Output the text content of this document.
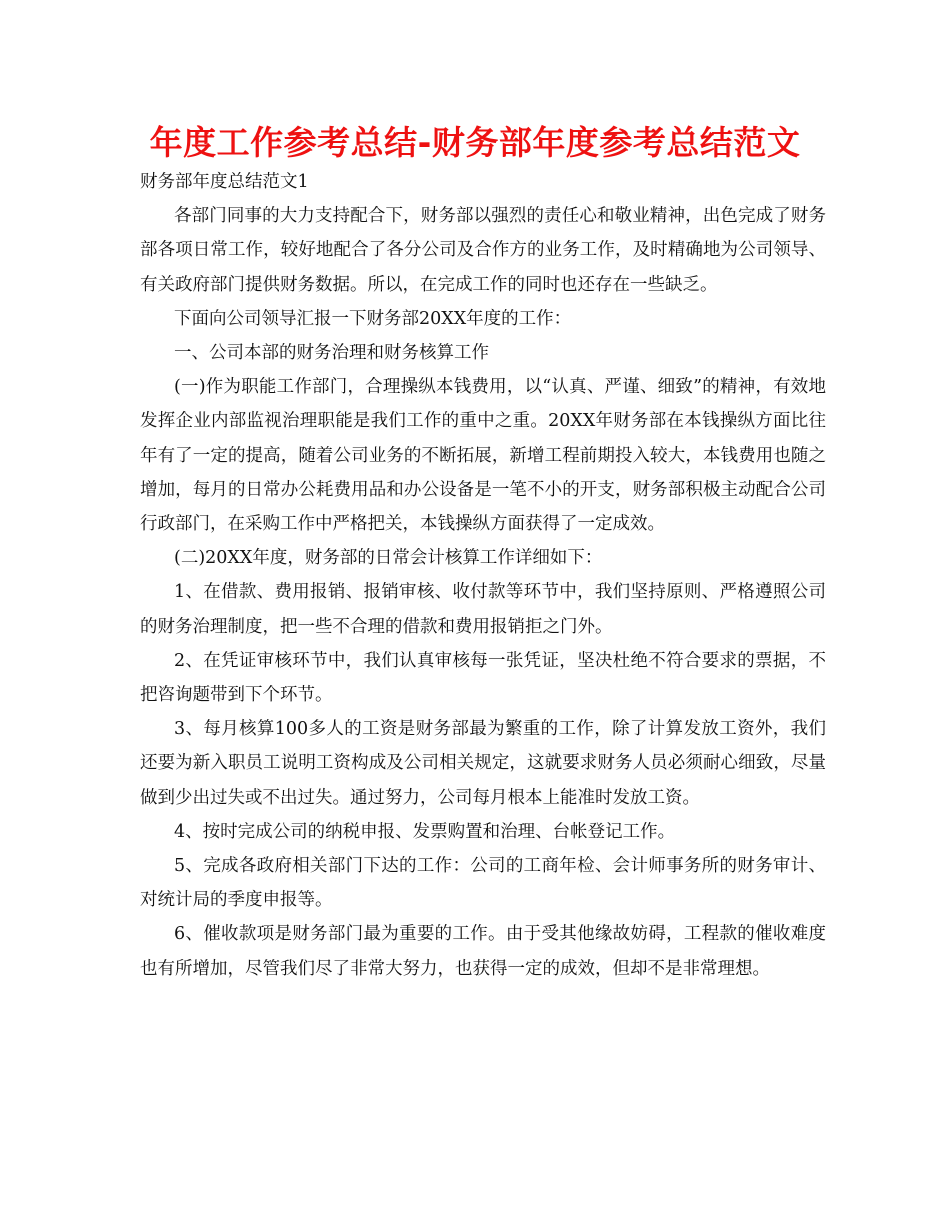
年度工作参考总结-财务部年度参考总结范文

财务部年度总结范文1

各部门同事的大力支持配合下，财务部以强烈的责任心和敬业精神，出色完成了财务部各项日常工作，较好地配合了各分公司及合作方的业务工作，及时精确地为公司领导、有关政府部门提供财务数据。所以，在完成工作的同时也还存在一些缺乏。

下面向公司领导汇报一下财务部20XX年度的工作：

一、公司本部的财务治理和财务核算工作

(一)作为职能工作部门，合理操纵本钱费用，以“认真、严谨、细致”的精神，有效地发挥企业内部监视治理职能是我们工作的重中之重。20XX年财务部在本钱操纵方面比往年有了一定的提高，随着公司业务的不断拓展，新增工程前期投入较大，本钱费用也随之增加，每月的日常办公耗费用品和办公设备是一笔不小的开支，财务部积极主动配合公司行政部门，在采购工作中严格把关，本钱操纵方面获得了一定成效。

(二)20XX年度，财务部的日常会计核算工作详细如下：

1、在借款、费用报销、报销审核、收付款等环节中，我们坚持原则、严格遵照公司的财务治理制度，把一些不合理的借款和费用报销拒之门外。

2、在凭证审核环节中，我们认真审核每一张凭证，坚决杜绝不符合要求的票据，不把咨询题带到下个环节。

3、每月核算100多人的工资是财务部最为繁重的工作，除了计算发放工资外，我们还要为新入职员工说明工资构成及公司相关规定，这就要求财务人员必须耐心细致，尽量做到少出过失或不出过失。通过努力，公司每月根本上能准时发放工资。

4、按时完成公司的纳税申报、发票购置和治理、台帐登记工作。

5、完成各政府相关部门下达的工作：公司的工商年检、会计师事务所的财务审计、对统计局的季度申报等。

6、催收款项是财务部门最为重要的工作。由于受其他缘故妨碍，工程款的催收难度也有所增加，尽管我们尽了非常大努力，也获得一定的成效，但却不是非常理想。
